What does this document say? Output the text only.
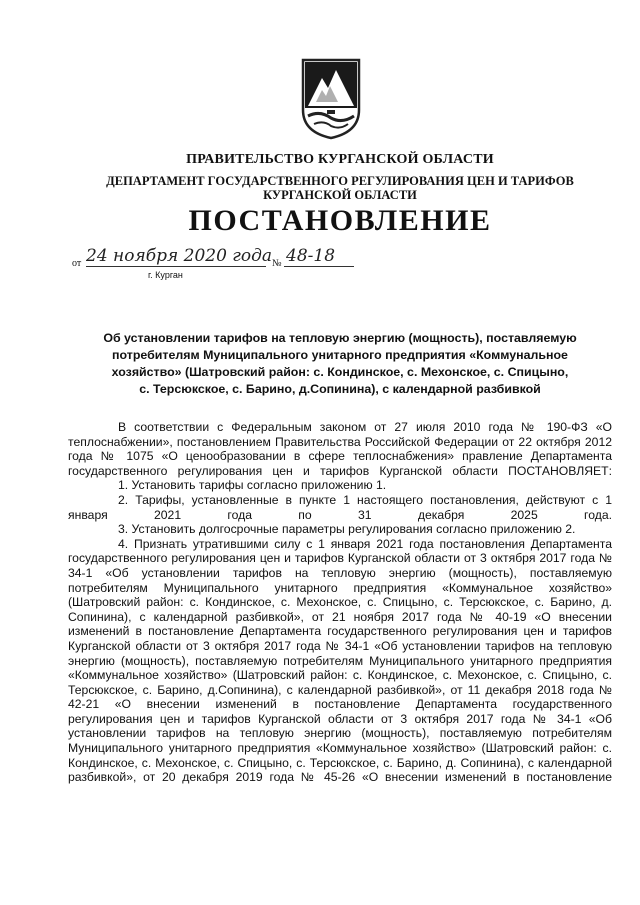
ПРАВИТЕЛЬСТВО КУРГАНСКОЙ ОБЛАСТИ
ДЕПАРТАМЕНТ ГОСУДАРСТВЕННОГО РЕГУЛИРОВАНИЯ ЦЕН И ТАРИФОВ
КУРГАНСКОЙ ОБЛАСТИ
ПОСТАНОВЛЕНИЕ
от 24 ноября 2020 года № 48-18
г. Курган
Об установлении тарифов на тепловую энергию (мощность), поставляемую
потребителям Муниципального унитарного предприятия «Коммунальное
хозяйство» (Шатровский район: с. Кондинское, с. Мехонское, с. Спицыно,
с. Терсюкское, с. Барино, д.Сопинина), с календарной разбивкой

В соответствии с Федеральным законом от 27 июля 2010 года № 190-ФЗ «О теплоснабжении», постановлением Правительства Российской Федерации от 22 октября 2012 года № 1075 «О ценообразовании в сфере теплоснабжения» правление Департамента государственного регулирования цен и тарифов Курганской области ПОСТАНОВЛЯЕТ:

1. Установить тарифы согласно приложению 1.

2. Тарифы, установленные в пункте 1 настоящего постановления, действуют с 1 января 2021 года по 31 декабря 2025 года.

3. Установить долгосрочные параметры регулирования согласно приложению 2.

4. Признать утратившими силу с 1 января 2021 года постановления Департамента государственного регулирования цен и тарифов Курганской области от 3 октября 2017 года № 34-1 «Об установлении тарифов на тепловую энергию (мощность), поставляемую потребителям Муниципального унитарного предприятия «Коммунальное хозяйство» (Шатровский район: с. Кондинское, с. Мехонское, с. Спицыно, с. Терсюкское, с. Барино, д. Сопинина), с календарной разбивкой», от 21 ноября 2017 года № 40-19 «О внесении изменений в постановление Департамента государственного регулирования цен и тарифов Курганской области от 3 октября 2017 года № 34-1 «Об установлении тарифов на тепловую энергию (мощность), поставляемую потребителям Муниципального унитарного предприятия «Коммунальное хозяйство» (Шатровский район: с. Кондинское, с. Мехонское, с. Спицыно, с. Терсюкское, с. Барино, д.Сопинина), с календарной разбивкой», от 11 декабря 2018 года № 42-21 «О внесении изменений в постановление Департамента государственного регулирования цен и тарифов Курганской области от 3 октября 2017 года № 34-1 «Об установлении тарифов на тепловую энергию (мощность), поставляемую потребителям Муниципального унитарного предприятия «Коммунальное хозяйство» (Шатровский район: с. Кондинское, с. Мехонское, с. Спицыно, с. Терсюкское, с. Барино, д. Сопинина), с календарной разбивкой», от 20 декабря 2019 года № 45-26 «О внесении изменений в постановление
